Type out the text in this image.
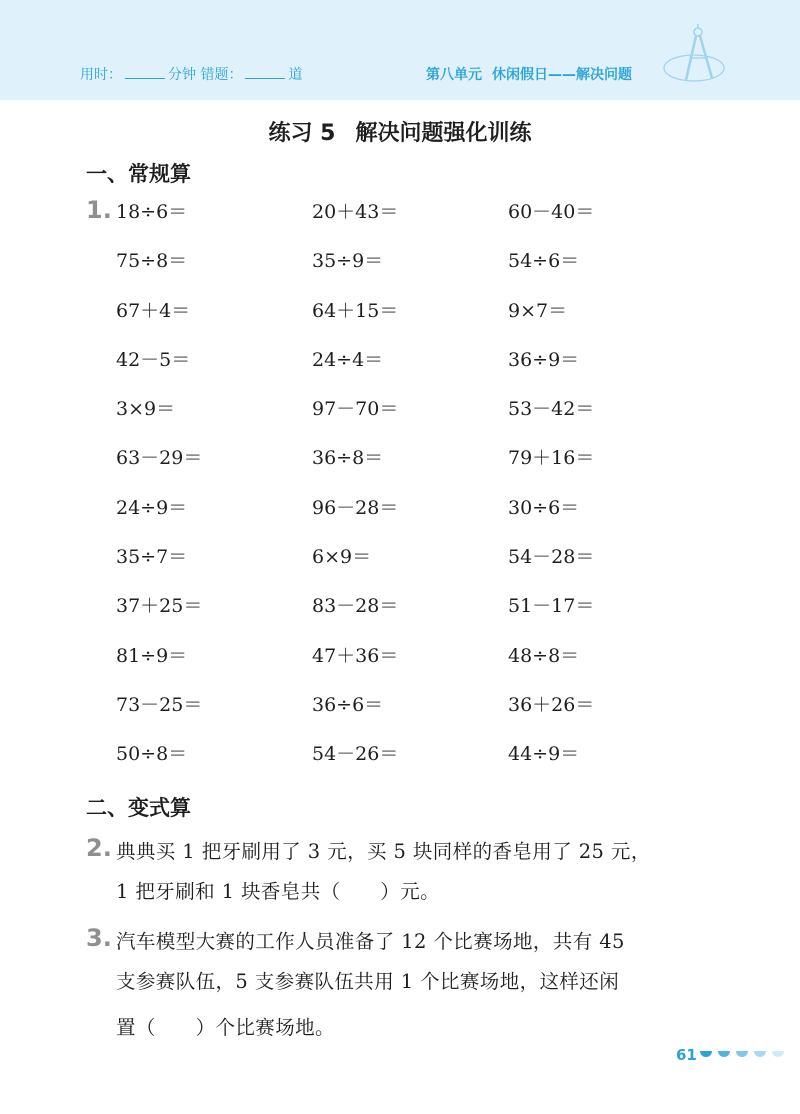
用时：	分钟 错题：	道	第八单元 休闲假日——解决问题
练习 5 解决问题强化训练
一、常规算
1. 18÷6＝	20＋43＝	60－40＝
75÷8＝	35÷9＝	54÷6＝
67＋4＝	64＋15＝	9×7＝
42－5＝	24÷4＝	36÷9＝
3×9＝	97－70＝	53－42＝
63－29＝	36÷8＝	79＋16＝
24÷9＝	96－28＝	30÷6＝
35÷7＝	6×9＝	54－28＝
37＋25＝	83－28＝	51－17＝
81÷9＝	47＋36＝	48÷8＝
73－25＝	36÷6＝	36＋26＝
50÷8＝	54－26＝	44÷9＝
二、变式算
2. 典典买 1 把牙刷用了 3 元，买 5 块同样的香皂用了 25 元，
1 把牙刷和 1 块香皂共（　　）元。
3. 汽车模型大赛的工作人员准备了 12 个比赛场地，共有 45
支参赛队伍，5 支参赛队伍共用 1 个比赛场地，这样还闲
置（　　）个比赛场地。
61
